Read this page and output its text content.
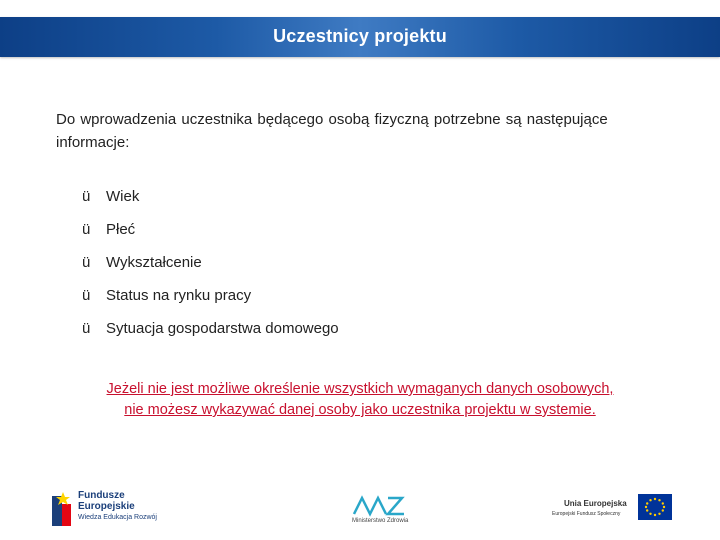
Uczestnicy projektu
Do wprowadzenia uczestnika będącego osobą fizyczną potrzebne są następujące informacje:
ü	Wiek
ü	Płeć
ü	Wykształcenie
ü	Status na rynku pracy
ü	Sytuacja gospodarstwa domowego
Jeżeli nie jest możliwe określenie wszystkich wymaganych danych osobowych,
nie możesz wykazywać danej osoby jako uczestnika projektu w systemie.
Fundusze
Europejskie
Wiedza Edukacja Rozwój	Ministerstwo Zdrowia
Unia Europejska
Europejski Fundusz Społeczny
